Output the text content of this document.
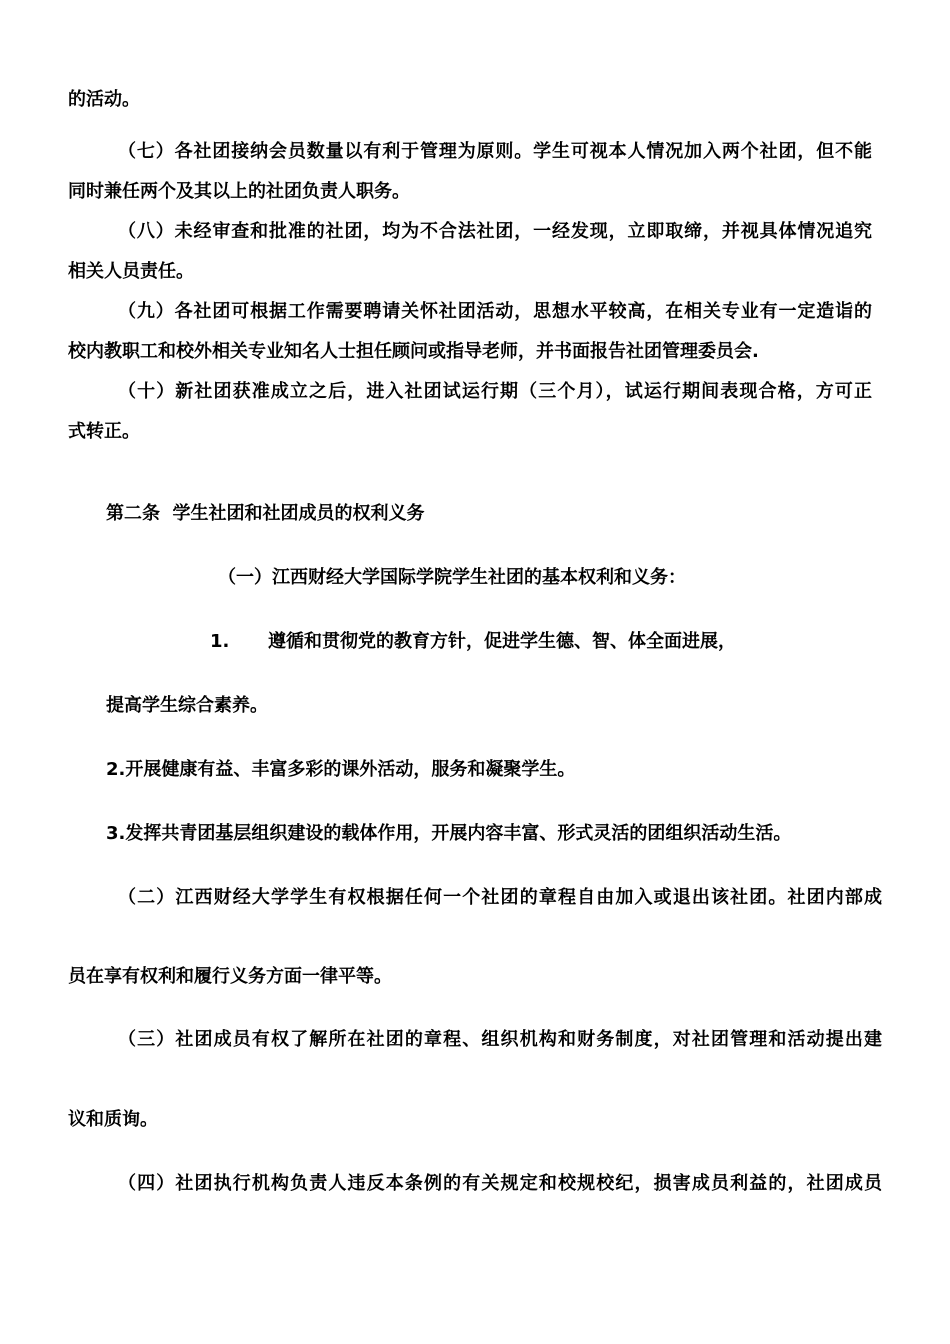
的活动。
（七）各社团接纳会员数量以有利于管理为原则。学生可视本人情况加入两个社团，但不能
同时兼任两个及其以上的社团负责人职务。
（八）未经审查和批准的社团，均为不合法社团，一经发现，立即取缔，并视具体情况追究
相关人员责任。
（九）各社团可根据工作需要聘请关怀社团活动，思想水平较高，在相关专业有一定造诣的
校内教职工和校外相关专业知名人士担任顾问或指导老师，并书面报告社团管理委员会.
（十）新社团获准成立之后，进入社团试运行期（三个月），试运行期间表现合格，方可正
式转正。
第二条  学生社团和社团成员的权利义务
（一）江西财经大学国际学院学生社团的基本权利和义务：
1. 遵循和贯彻党的教育方针，促进学生德、智、体全面进展，
提高学生综合素养。
2.开展健康有益、丰富多彩的课外活动，服务和凝聚学生。
3.发挥共青团基层组织建设的载体作用，开展内容丰富、形式灵活的团组织活动生活。
（二）江西财经大学学生有权根据任何一个社团的章程自由加入或退出该社团。社团内部成
员在享有权利和履行义务方面一律平等。
（三）社团成员有权了解所在社团的章程、组织机构和财务制度，对社团管理和活动提出建
议和质询。
（四）社团执行机构负责人违反本条例的有关规定和校规校纪，损害成员利益的，社团成员
